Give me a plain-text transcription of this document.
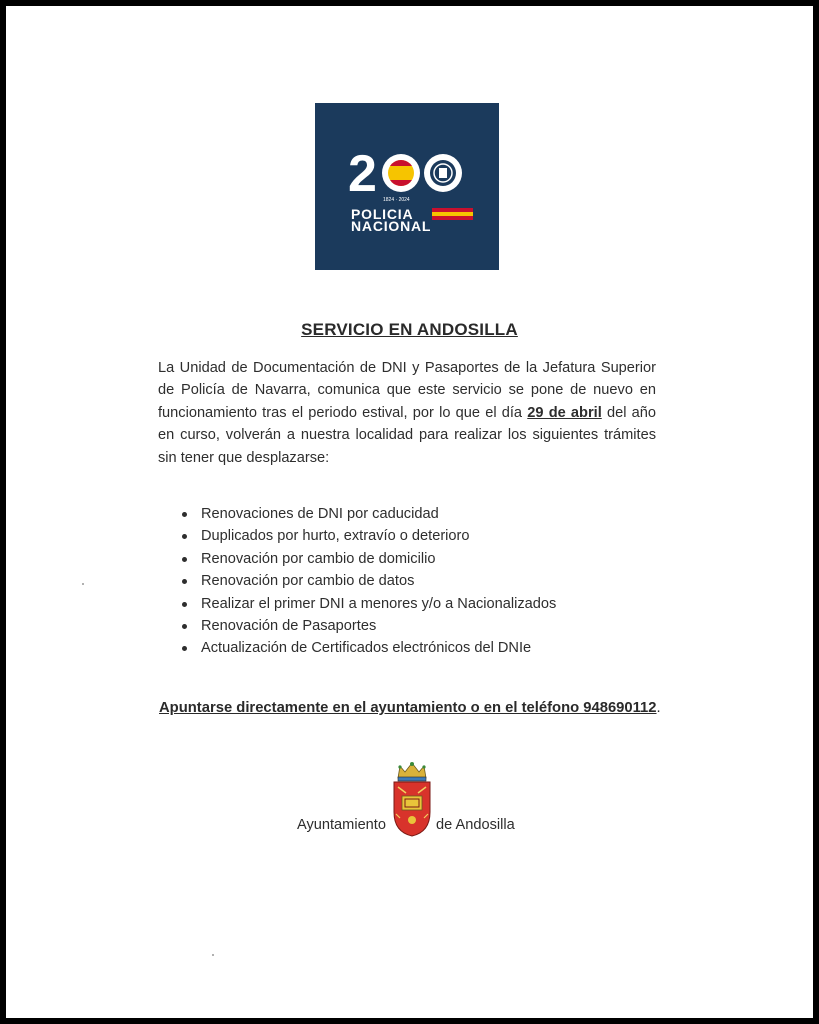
2 1824 · 2024
POLICIA
NACIONAL
SERVICIO EN ANDOSILLA
La Unidad de Documentación de DNI y Pasaportes de la Jefatura Superior de Policía de Navarra, comunica que este servicio se pone de nuevo en funcionamiento tras el periodo estival, por lo que el día 29 de abril del año en curso, volverán a nuestra localidad para realizar los siguientes trámites sin tener que desplazarse:
Renovaciones de DNI por caducidad
Duplicados por hurto, extravío o deterioro
Renovación por cambio de domicilio
Renovación por cambio de datos
Realizar el primer DNI a menores y/o a Nacionalizados
Renovación de Pasaportes
Actualización de Certificados electrónicos del DNIe
Apuntarse directamente en el ayuntamiento o en el teléfono 948690112.
Ayuntamiento	de Andosilla
